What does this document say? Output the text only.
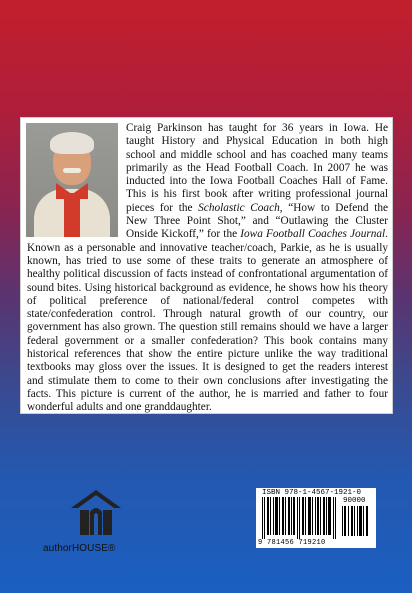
Craig Parkinson has taught for 36 years in Iowa. He taught History and Physical Education in both high school and middle school and has coached many teams primarily as the Head Football Coach. In 2007 he was inducted into the Iowa Football Coaches Hall of Fame. This is his first book after writing professional journal pieces for the Scholastic Coach, “How to Defend the New Three Point Shot,” and “Outlawing the Cluster Onside Kickoff,” for the Iowa Football Coaches Journal. Known as a personable and innovative teacher/coach, Parkie, as he is usually known, has tried to use some of these traits to generate an atmosphere of healthy political discussion of facts instead of confrontational argumentation of sound bites. Using historical background as evidence, he shows how his theory of political preference of national/federal control competes with state/confederation control. Through natural growth of our country, our government has also grown. The question still remains should we have a larger federal government or a smaller confederation? This book contains many historical references that show the entire picture unlike the way traditional textbooks may gloss over the issues. It is designed to get the readers interest and stimulate them to come to their own conclusions after investigating the facts. This picture is current of the author, he is married and father to four wonderful adults and one granddaughter.
authorHOUSE®
ISBN 978-1-4567-1921-0
90000
9 781456 719210
